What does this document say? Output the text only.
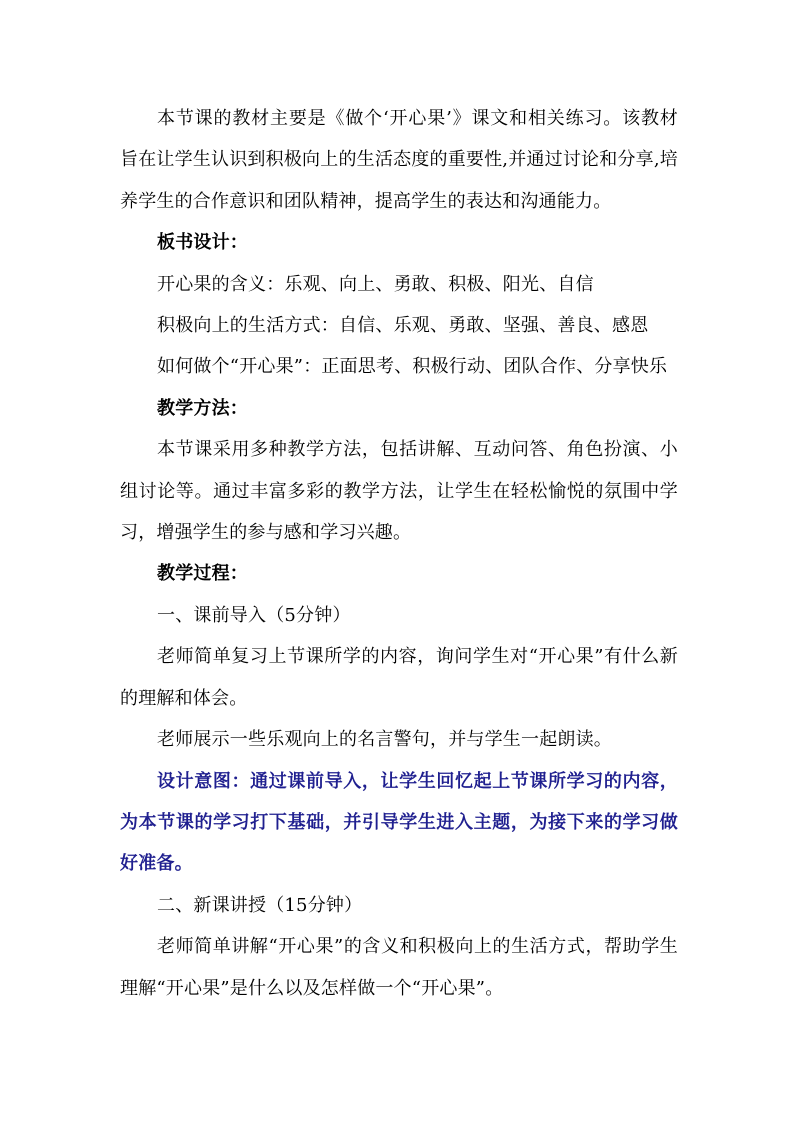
本节课的教材主要是《做个‘开心果’》课文和相关练习。该教材旨在让学生认识到积极向上的生活态度的重要性,并通过讨论和分享,培养学生的合作意识和团队精神，提高学生的表达和沟通能力。

板书设计：

开心果的含义：乐观、向上、勇敢、积极、阳光、自信

积极向上的生活方式：自信、乐观、勇敢、坚强、善良、感恩

如何做个“开心果”：正面思考、积极行动、团队合作、分享快乐

教学方法：

本节课采用多种教学方法，包括讲解、互动问答、角色扮演、小组讨论等。通过丰富多彩的教学方法，让学生在轻松愉悦的氛围中学习，增强学生的参与感和学习兴趣。

教学过程：

一、课前导入（5分钟）

老师简单复习上节课所学的内容，询问学生对“开心果”有什么新的理解和体会。

老师展示一些乐观向上的名言警句，并与学生一起朗读。

设计意图：通过课前导入，让学生回忆起上节课所学习的内容，为本节课的学习打下基础，并引导学生进入主题，为接下来的学习做好准备。

二、新课讲授（15分钟）

老师简单讲解“开心果”的含义和积极向上的生活方式，帮助学生理解“开心果”是什么以及怎样做一个“开心果”。
